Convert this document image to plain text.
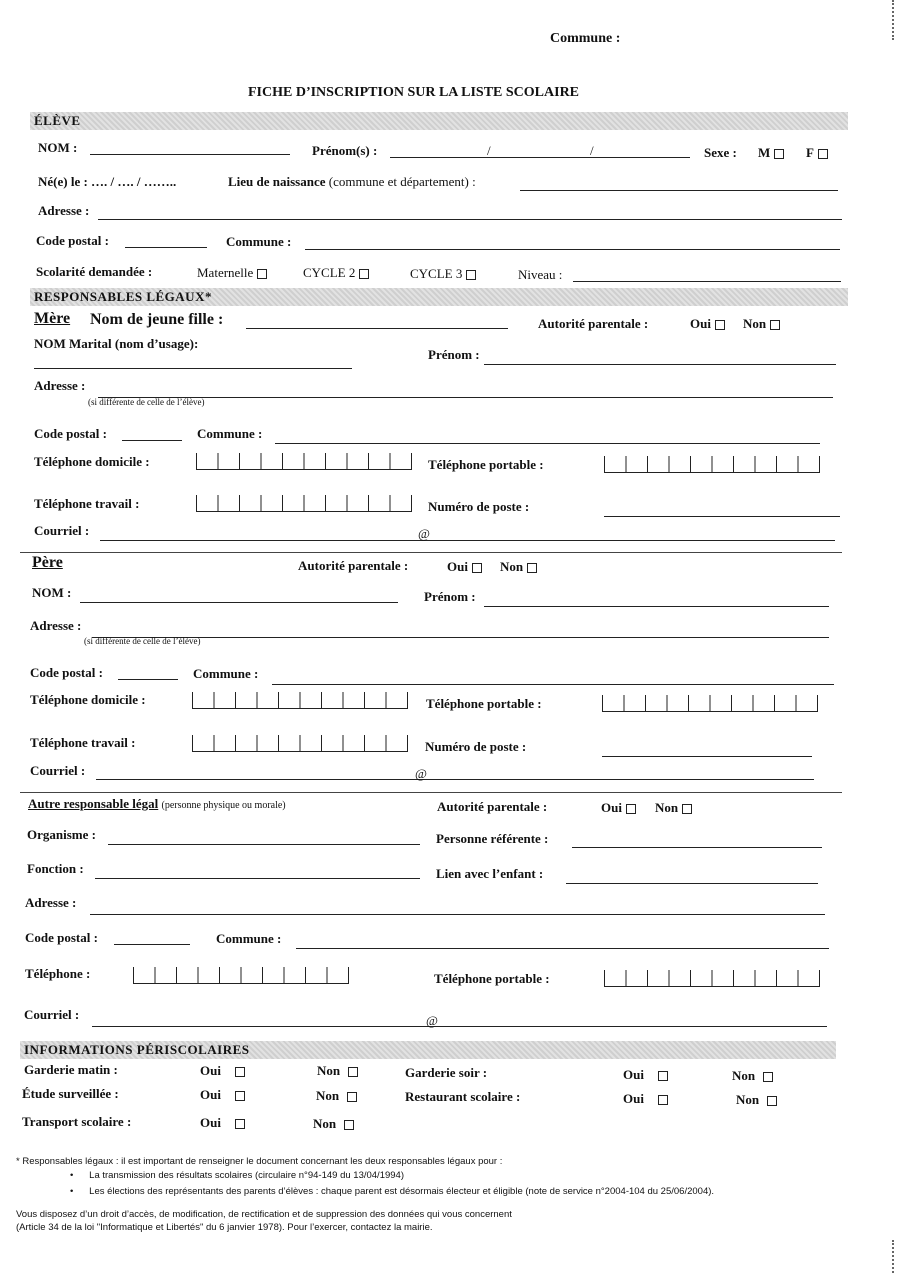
Commune :
FICHE D’INSCRIPTION SUR LA LISTE SCOLAIRE
ÉLÈVE
NOM :	Prénom(s) :	/	/	Sexe : M	F
Né(e) le : …. / …. / ……..	Lieu de naissance (commune et département) :
Adresse :
Code postal :	Commune :
Scolarité demandée :	Maternelle	CYCLE 2	CYCLE 3	Niveau :
RESPONSABLES LÉGAUX*
Mère Nom de jeune fille :	Autorité parentale :	Oui	Non
NOM Marital (nom d’usage):
Prénom :
Adresse :
(si différente de celle de l’élève)
Code postal :	Commune :
Téléphone domicile :	Téléphone portable :
Téléphone travail :	Numéro de poste :
Courriel :	@
Père	Autorité parentale :	Oui	Non
NOM :	Prénom :
Adresse :
(si différente de celle de l’élève)
Code postal :	Commune :
Téléphone domicile :	Téléphone portable :
Téléphone travail :	Numéro de poste :
Courriel :	@
Autre responsable légal (personne physique ou morale)	Autorité parentale :	Oui	Non
Organisme :	Personne référente :
Fonction :	Lien avec l’enfant :
Adresse :
Code postal :	Commune :
Téléphone :	Téléphone portable :
Courriel :	@
INFORMATIONS PÉRISCOLAIRES
Garderie matin :	Oui	Non	Garderie soir :	Oui	Non
Étude surveillée :	Oui	Non	Restaurant scolaire :	Oui	Non
Transport scolaire :	Oui	Non
* Responsables légaux : il est important de renseigner le document concernant les deux responsables légaux pour :
•      La transmission des résultats scolaires (circulaire n°94-149 du 13/04/1994)
•      Les élections des représentants des parents d’élèves : chaque parent est désormais électeur et éligible (note de service n°2004-104 du 25/06/2004).
Vous disposez d’un droit d’accès, de modification, de rectification et de suppression des données qui vous concernent
(Article 34 de la loi "Informatique et Libertés" du 6 janvier 1978). Pour l’exercer, contactez la mairie.
